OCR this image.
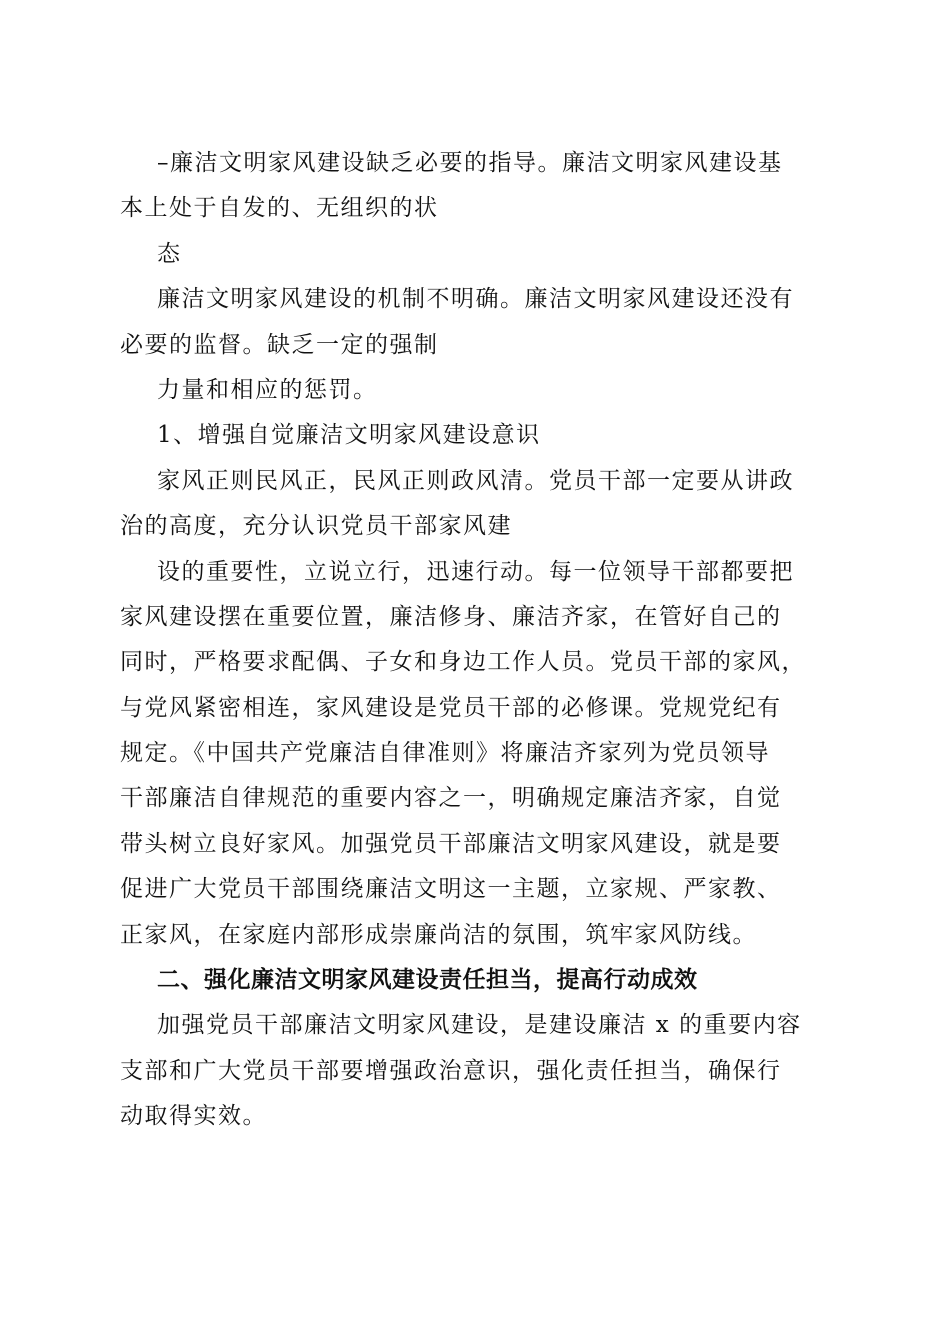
–廉洁文明家风建设缺乏必要的指导。廉洁文明家风建设基
本上处于自发的、无组织的状
态
廉洁文明家风建设的机制不明确。廉洁文明家风建设还没有
必要的监督。缺乏一定的强制
力量和相应的惩罚。
1、增强自觉廉洁文明家风建设意识
家风正则民风正，民风正则政风清。党员干部一定要从讲政
治的高度，充分认识党员干部家风建
设的重要性，立说立行，迅速行动。每一位领导干部都要把
家风建设摆在重要位置，廉洁修身、廉洁齐家，在管好自己的
同时，严格要求配偶、子女和身边工作人员。党员干部的家风，
与党风紧密相连，家风建设是党员干部的必修课。党规党纪有
规定。《中国共产党廉洁自律准则》将廉洁齐家列为党员领导
干部廉洁自律规范的重要内容之一，明确规定廉洁齐家，自觉
带头树立良好家风。加强党员干部廉洁文明家风建设，就是要
促进广大党员干部围绕廉洁文明这一主题，立家规、严家教、
正家风，在家庭内部形成崇廉尚洁的氛围，筑牢家风防线。
二、强化廉洁文明家风建设责任担当，提高行动成效
加强党员干部廉洁文明家风建设，是建设廉洁 x 的重要内容
支部和广大党员干部要增强政治意识，强化责任担当，确保行
动取得实效。
